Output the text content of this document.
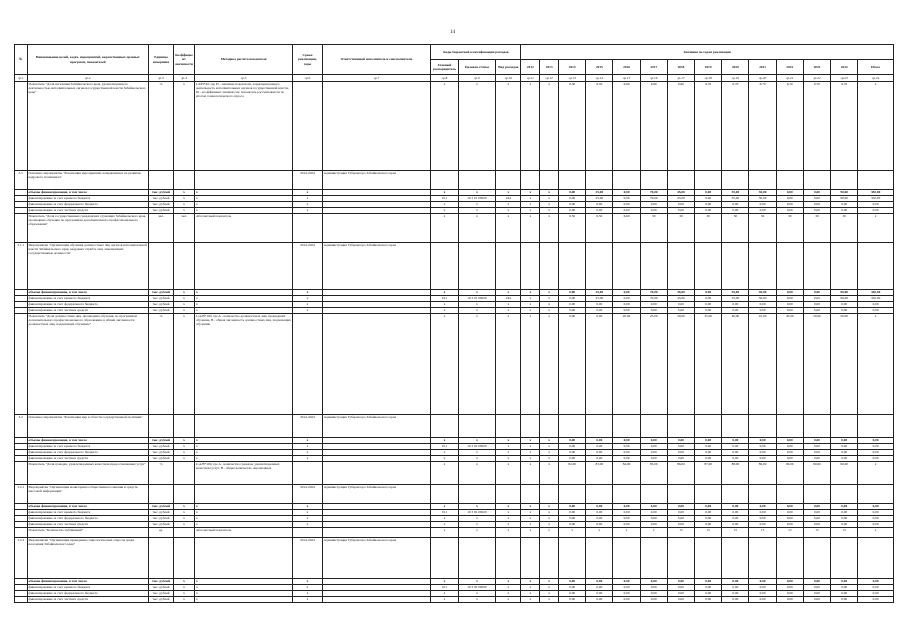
14
№	Наименование целей, задач, мероприятий, ведомственных целевых программ, показателей	Единица измерения	Коэффициент значимости	Методика расчета показателя	Сроки реализации, годы	Ответственный исполнитель и соисполнители	Коды бюджетной классификации расходов			Значения по годам реализации													
							Главный распорядитель	Целевая статья	Вид расходов	2012	2013	2014	2015	2016	2017	2018	2019	2020	2021	2022	2023	2024	Итого
гр.1	гр.2	гр.3	гр.4	гр.5	гр.6	гр.7	гр.8	гр.9	гр.10	гр.11	гр.12	гр.13	гр.14	гр.15	гр.16	гр.17	гр.18	гр.19	гр.20	гр.21	гр.22	гр.23	гр.24
	Показатель "Доля населения Забайкальского края, удовлетворенного деятельностью исполнительных органов государственной власти Забайкальского края"	%	x	I=ΣPi*Ki, где Pi - значение показателя, характеризующего деятельность исполнительных органов государственной власти, Ki - коэффициент значимости; показатель рассчитывается по итогам социологического опроса			x	x	x	x	x	6,50	6,50	6,60	6,60	6,60	6,70	6,70	6,70	6,70	6,70	6,70	x
3.1	Основное мероприятие "Реализация мероприятий, направленных на развитие кадрового потенциала"				2014-2024	Администрация Губернатора Забайкальского края																	
	объемы финансирования, в том числе	тыс. рублей	x	x	x		x	x	x	x	x	0,00	25,00	0,00	70,00	45,00	0,00	35,00	30,00	0,00	0,00	90,00	350,00
	финансирование за счет краевого бюджета	тыс. рублей	x	x	x		011	19 3 01 09020	244	x	x	0,00	25,00	0,00	70,00	45,00	0,00	35,00	30,00	0,00	0,00	90,00	350,00
	финансирование за счет федерального бюджета	тыс. рублей	x	x	x		x	x	x	x	x	0,00	0,00	0,00	0,00	0,00	0,00	0,00	0,00	0,00	0,00	0,00	0,00
	финансирование за счет частных средств	тыс. рублей	x	x	x		x	x	x	x	x	0,00	0,00	0,00	0,00	0,00	0,00	0,00	0,00	0,00	0,00	0,00	0,00
	Показатель "Доля государственных гражданских служащих Забайкальского края, прошедших обучение по программам дополнительного профессионального образования"	чел.	чел.	Абсолютный показатель			x	x	x	x	x	6,50	6,50	6,60	30	30	30	30	30	30	30	30	x
3.1.1	Мероприятие "Организация обучения должностных лиц органов исполнительной власти Забайкальского края, кадровых служб и лиц, замещающих государственные должности"				2014-2024	Администрация Губернатора Забайкальского края																	
	объемы финансирования, в том числе	тыс. рублей	x	x	x		x	x	x	x	x	0,00	25,00	0,00	70,00	45,00	0,00	35,00	30,00	0,00	0,00	90,00	350,00
	финансирование за счет краевого бюджета	тыс. рублей	x	x	x		011	19 3 01 09020	244	x	x	0,00	25,00	0,00	70,00	45,00	0,00	35,00	30,00	0,00	0,00	90,00	350,00
	финансирование за счет федерального бюджета	тыс. рублей	x	x	x		x	x	x	x	x	0,00	0,00	0,00	0,00	0,00	0,00	0,00	0,00	0,00	0,00	0,00	0,00
	финансирование за счет частных средств	тыс. рублей	x	x	x		x	x	x	x	x	0,00	0,00	0,00	0,00	0,00	0,00	0,00	0,00	0,00	0,00	0,00	0,00
	Показатель "Доля должностных лиц, прошедших обучение по программам дополнительного профессионального образования, в общей численности должностных лиц, подлежащих обучению"	%	x	I=A/B*100, где A - количество должностных лиц, прошедших обучение, B - общая численность должностных лиц, подлежащих обучению			x	x	x	x	x	0,00	0,00	20,00	25,00	30,00	35,00	40,00	45,00	45,00	50,00	50,00	x
3.2	Основное мероприятие "Реализация мер в области государственной политики"				2014-2024	Администрация Губернатора Забайкальского края																	
	объемы финансирования, в том числе	тыс. рублей	x	x	x		x	x	x	x	x	0,00	0,00	0,00	0,00	0,00	0,00	0,00	0,00	0,00	0,00	0,00	0,00
	финансирование за счет краевого бюджета	тыс. рублей	x	x	x		011	19 3 02 09020	x	x	x	0,00	0,00	0,00	0,00	0,00	0,00	0,00	0,00	0,00	0,00	0,00	0,00
	финансирование за счет федерального бюджета	тыс. рублей	x	x	x		x	x	x	x	x	0,00	0,00	0,00	0,00	0,00	0,00	0,00	0,00	0,00	0,00	0,00	0,00
	финансирование за счет частных средств	тыс. рублей	x	x	x		x	x	x	x	x	0,00	0,00	0,00	0,00	0,00	0,00	0,00	0,00	0,00	0,00	0,00	0,00
	Показатель "Доля граждан, удовлетворенных качеством предоставляемых услуг"	%		I=A/B*100, где A - количество граждан, удовлетворенных качеством услуг, B - общее количество опрошенных			x	x	x	x	x	82,00	83,00	84,00	85,00	86,00	87,00	88,00	89,00	90,00	90,00	90,00	x
3.2.1	Мероприятие "Организация мониторинга общественного мнения и средств массовой информации"				2014-2024	Администрация Губернатора Забайкальского края																	
	объемы финансирования, в том числе	тыс. рублей	x	x	x		x	x	x	x	x	0,00	0,00	0,00	0,00	0,00	0,00	0,00	0,00	0,00	0,00	0,00	0,00
	финансирование за счет краевого бюджета	тыс. рублей	x	x	x		011	19 3 02 09020	x	x	x	0,00	0,00	0,00	0,00	0,00	0,00	0,00	0,00	0,00	0,00	0,00	0,00
	финансирование за счет федерального бюджета	тыс. рублей	x	x	x		x	x	x	x	x	0,00	0,00	0,00	0,00	0,00	0,00	0,00	0,00	0,00	0,00	0,00	0,00
	финансирование за счет частных средств	тыс. рублей	x	x	x		x	x	x	x	x	0,00	0,00	0,00	0,00	0,00	0,00	0,00	0,00	0,00	0,00	0,00	0,00
	Показатель "Количество публикаций"	ед.		Абсолютный показатель			x	x	x	x	x	x	x	x	x	15	15	15	15	15	15	15	x
3.2.2	Мероприятие "Организация проведения социологических опросов среди населения Забайкальского края"				2014-2024	Администрация Губернатора Забайкальского края																	
	объемы финансирования, в том числе	тыс. рублей	x	x	x		x	x	x	x	x	0,00	0,00	0,00	0,00	0,00	0,00	0,00	0,00	0,00	0,00	0,00	0,00
	финансирование за счет краевого бюджета	тыс. рублей	x	x	x		011	19 3 02 09020	x	x	x	0,00	0,00	0,00	0,00	0,00	0,00	0,00	0,00	0,00	0,00	0,00	0,00
	финансирование за счет федерального бюджета	тыс. рублей	x	x	x		x	x	x	x	x	0,00	0,00	0,00	0,00	0,00	0,00	0,00	0,00	0,00	0,00	0,00	0,00
	финансирование за счет частных средств	тыс. рублей	x	x	x		x	x	x	x	x	0,00	0,00	0,00	0,00	0,00	0,00	0,00	0,00	0,00	0,00	0,00	0,00
